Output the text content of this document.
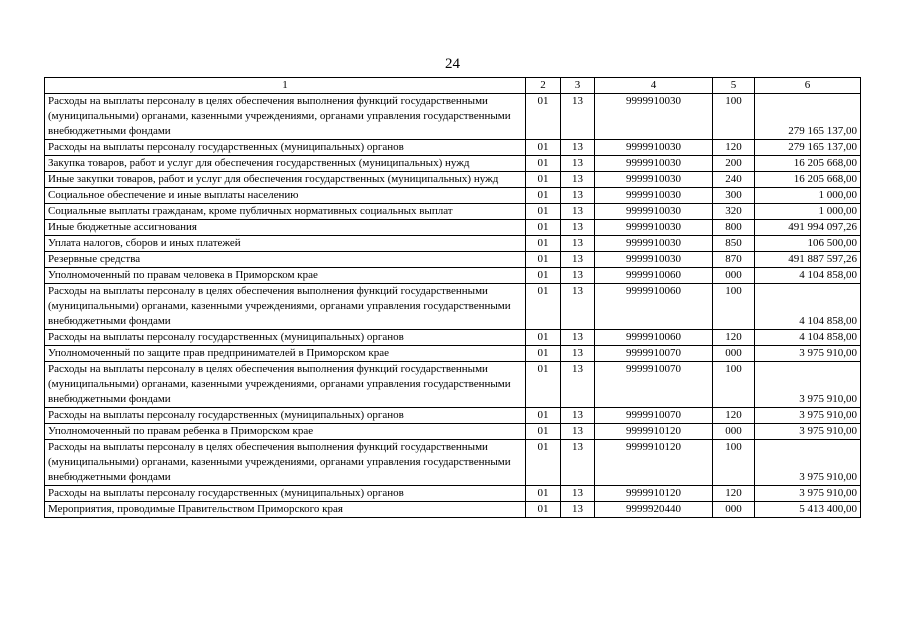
24
1	2	3	4	5	6
Расходы на выплаты персоналу в целях обеспечения выполнения функций государственными (муниципальными) органами, казенными учреждениями, органами управления государственными внебюджетными фондами	01	13	9999910030	100	279 165 137,00
Расходы на выплаты персоналу государственных (муниципальных) органов	01	13	9999910030	120	279 165 137,00
Закупка товаров, работ и услуг для обеспечения государственных (муниципальных) нужд	01	13	9999910030	200	16 205 668,00
Иные закупки товаров, работ и услуг для обеспечения государственных (муниципальных) нужд	01	13	9999910030	240	16 205 668,00
Социальное обеспечение и иные выплаты населению	01	13	9999910030	300	1 000,00
Социальные выплаты гражданам, кроме публичных нормативных социальных выплат	01	13	9999910030	320	1 000,00
Иные бюджетные ассигнования	01	13	9999910030	800	491 994 097,26
Уплата налогов, сборов и иных платежей	01	13	9999910030	850	106 500,00
Резервные средства	01	13	9999910030	870	491 887 597,26
Уполномоченный по правам человека в Приморском крае	01	13	9999910060	000	4 104 858,00
Расходы на выплаты персоналу в целях обеспечения выполнения функций государственными (муниципальными) органами, казенными учреждениями, органами управления государственными внебюджетными фондами	01	13	9999910060	100	4 104 858,00
Расходы на выплаты персоналу государственных (муниципальных) органов	01	13	9999910060	120	4 104 858,00
Уполномоченный по защите прав предпринимателей в Приморском крае	01	13	9999910070	000	3 975 910,00
Расходы на выплаты персоналу в целях обеспечения выполнения функций государственными (муниципальными) органами, казенными учреждениями, органами управления государственными внебюджетными фондами	01	13	9999910070	100	3 975 910,00
Расходы на выплаты персоналу государственных (муниципальных) органов	01	13	9999910070	120	3 975 910,00
Уполномоченный по правам ребенка в Приморском крае	01	13	9999910120	000	3 975 910,00
Расходы на выплаты персоналу в целях обеспечения выполнения функций государственными (муниципальными) органами, казенными учреждениями, органами управления государственными внебюджетными фондами	01	13	9999910120	100	3 975 910,00
Расходы на выплаты персоналу государственных (муниципальных) органов	01	13	9999910120	120	3 975 910,00
Мероприятия, проводимые Правительством Приморского края	01	13	9999920440	000	5 413 400,00
